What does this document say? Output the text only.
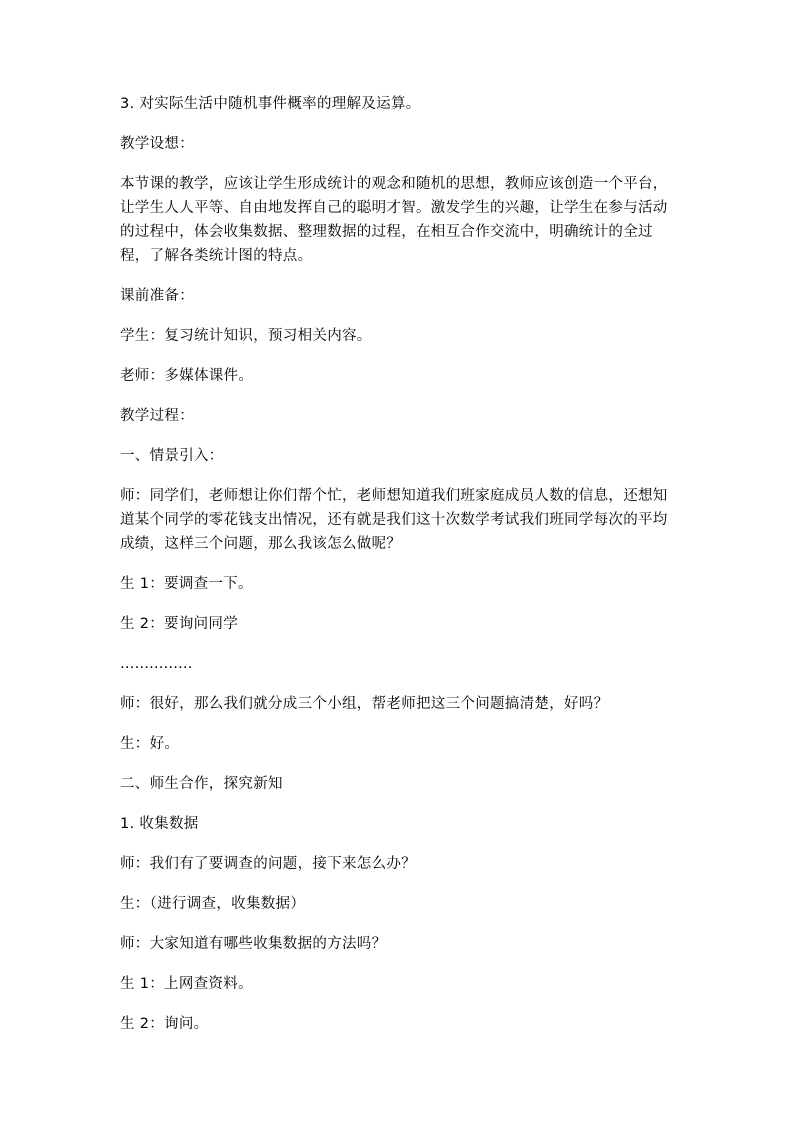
3. 对实际生活中随机事件概率的理解及运算。

教学设想：

本节课的教学，应该让学生形成统计的观念和随机的思想，教师应该创造一个平台，让学生人人平等、自由地发挥自己的聪明才智。激发学生的兴趣，让学生在参与活动的过程中，体会收集数据、整理数据的过程，在相互合作交流中，明确统计的全过程，了解各类统计图的特点。

课前准备：

学生：复习统计知识，预习相关内容。

老师：多媒体课件。

教学过程：

一、情景引入：

师：同学们，老师想让你们帮个忙，老师想知道我们班家庭成员人数的信息，还想知道某个同学的零花钱支出情况，还有就是我们这十次数学考试我们班同学每次的平均成绩，这样三个问题，那么我该怎么做呢？

生 1：要调查一下。

生 2：要询问同学

……………

师：很好，那么我们就分成三个小组，帮老师把这三个问题搞清楚，好吗？

生：好。

二、师生合作，探究新知

1. 收集数据

师：我们有了要调查的问题，接下来怎么办？

生：（进行调查，收集数据）

师：大家知道有哪些收集数据的方法吗？

生 1：上网查资料。

生 2：询问。
